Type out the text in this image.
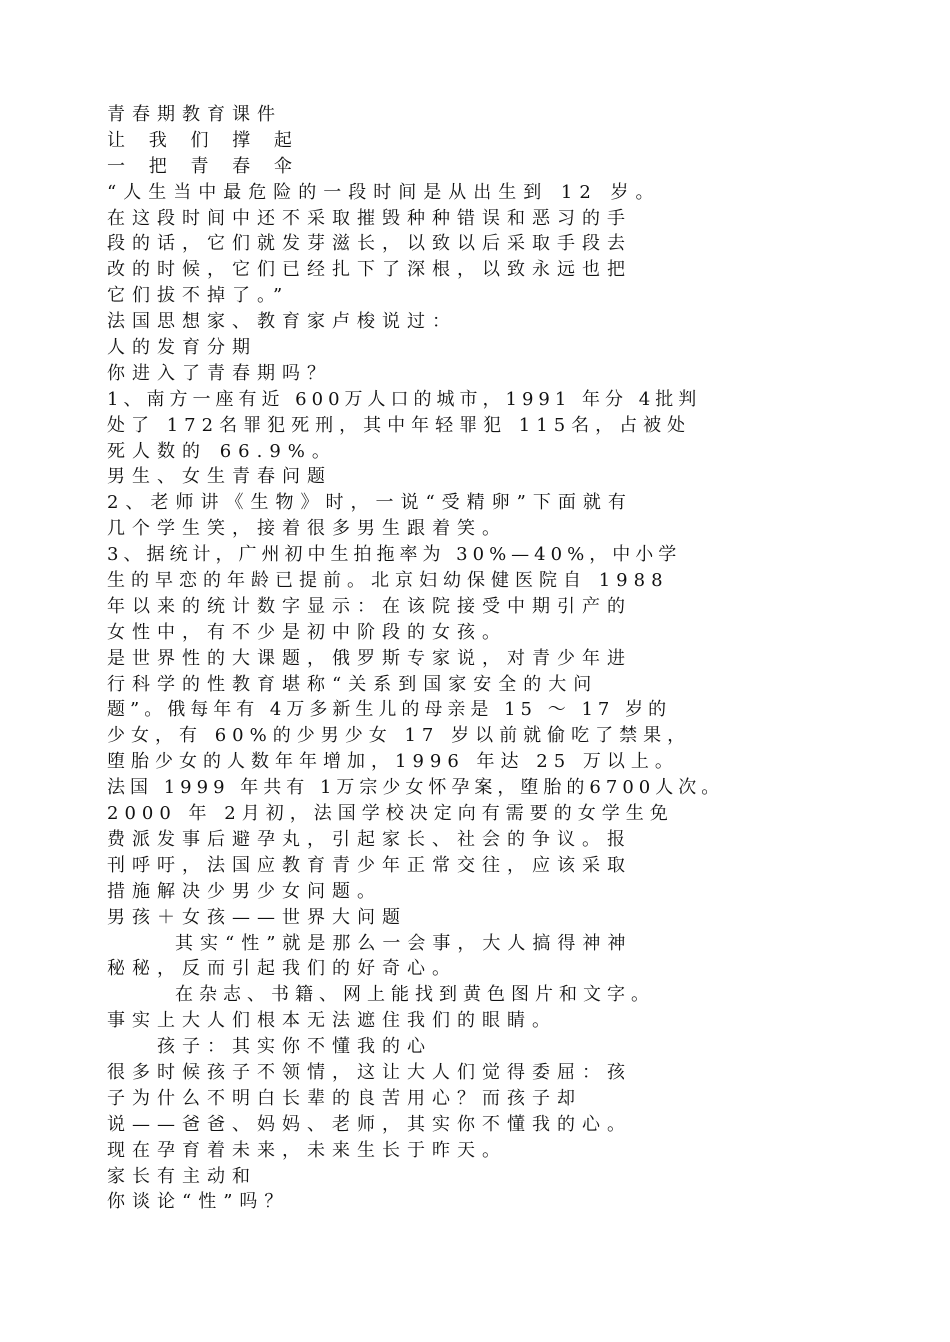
青春期教育课件
让 我 们 撑 起
一 把 青 春 伞
“人生当中最危险的一段时间是从出生到 12 岁。
在这段时间中还不采取摧毁种种错误和恶习的手
段的话，它们就发芽滋长，以致以后采取手段去
改的时候，它们已经扎下了深根，以致永远也把
它们拔不掉了。”
法国思想家、教育家卢梭说过：
人的发育分期
你进入了青春期吗？
1、南方一座有近 600万人口的城市，1991 年分 4批判
处了 172名罪犯死刑，其中年轻罪犯 115名，占被处
死人数的 66.9%。
男生、女生青春问题
2、老师讲《生物》时，一说“受精卵”下面就有
几个学生笑，接着很多男生跟着笑。
3、据统计，广州初中生拍拖率为 30%—40%，中小学
生的早恋的年龄已提前。北京妇幼保健医院自 1988
年以来的统计数字显示：在该院接受中期引产的
女性中，有不少是初中阶段的女孩。
是世界性的大课题，俄罗斯专家说，对青少年进
行科学的性教育堪称“关系到国家安全的大问
题”。俄每年有 4万多新生儿的母亲是 15 ～ 17 岁的
少女，有 60%的少男少女 17 岁以前就偷吃了禁果，
堕胎少女的人数年年增加，1996 年达 25 万以上。
法国 1999 年共有 1万宗少女怀孕案，堕胎的6700人次。
2000 年 2月初，法国学校决定向有需要的女学生免
费派发事后避孕丸，引起家长、社会的争议。报
刊呼吁，法国应教育青少年正常交往，应该采取
措施解决少男少女问题。
男孩＋女孩——世界大问题
其实“性”就是那么一会事，大人搞得神神
秘秘，反而引起我们的好奇心。
在杂志、书籍、网上能找到黄色图片和文字。
事实上大人们根本无法遮住我们的眼睛。
孩子：其实你不懂我的心
很多时候孩子不领情，这让大人们觉得委屈：孩
子为什么不明白长辈的良苦用心？而孩子却
说——爸爸、妈妈、老师，其实你不懂我的心。
现在孕育着未来，未来生长于昨天。
家长有主动和
你谈论“性”吗？
